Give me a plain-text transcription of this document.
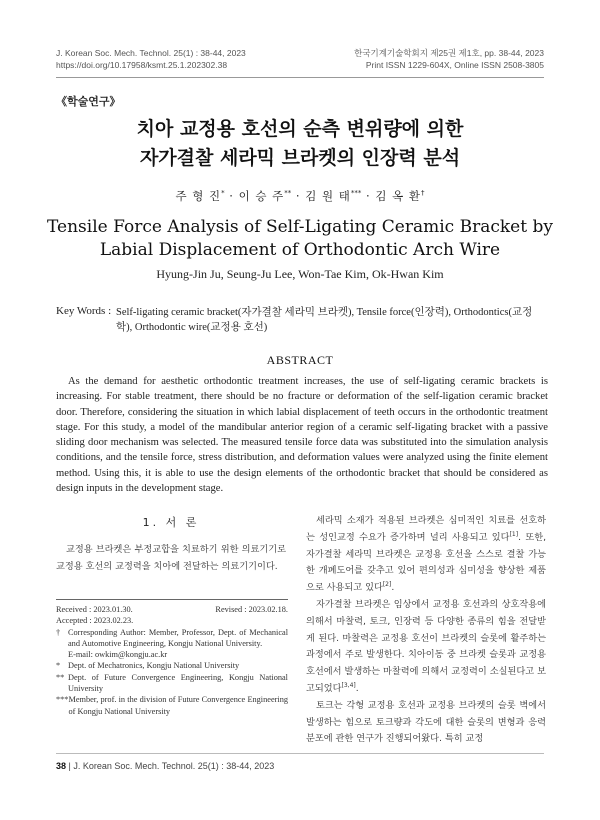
J. Korean Soc. Mech. Technol. 25(1) : 38-44, 2023
https://doi.org/10.17958/ksmt.25.1.202302.38
한국기계기술학회지 제25권 제1호, pp. 38-44, 2023
Print ISSN 1229-604X, Online ISSN 2508-3805
《학술연구》
치아 교정용 호선의 순측 변위량에 의한
자가결찰 세라믹 브라켓의 인장력 분석
주 형 진* · 이 승 주** · 김 원 태*** · 김 옥 환†
Tensile Force Analysis of Self-Ligating Ceramic Bracket by
Labial Displacement of Orthodontic Arch Wire
Hyung-Jin Ju, Seung-Ju Lee, Won-Tae Kim, Ok-Hwan Kim
Key Words : Self-ligating ceramic bracket(자가결찰 세라믹 브라켓), Tensile force(인장력), Orthodontics(교정학), Orthodontic wire(교정용 호선)
ABSTRACT
As the demand for aesthetic orthodontic treatment increases, the use of self-ligating ceramic brackets is increasing. For stable treatment, there should be no fracture or deformation of the self-ligation ceramic bracket door. Therefore, considering the situation in which labial displacement of teeth occurs in the orthodontic treatment stage. For this study, a model of the mandibular anterior region of a ceramic self-ligating bracket with a passive sliding door mechanism was selected. The measured tensile force data was substituted into the simulation analysis conditions, and the tensile force, stress distribution, and deformation values were analyzed using the finite element method. Using this, it is able to use the design elements of the orthodontic bracket that should be considered as design inputs in the development stage.
1. 서 론

교정용 브라켓은 부정교합을 치료하기 위한 의료기기로 교정용 호선의 교정력을 치아에 전달하는 의료기기이다.

Received : 2023.01.30.	Revised : 2023.02.18.
Accepted : 2023.02.23.
† Corresponding Author: Member, Professor, Dept. of Mechanical and Automotive Engineering, Kongju National University.
E-mail: owkim@kongju.ac.kr
* Dept. of Mechatronics, Kongju National University
** Dept. of Future Convergence Engineering, Kongju National University
*** Member, prof. in the division of Future Convergence Engineering of Kongju National University

세라믹 소재가 적용된 브라켓은 심미적인 치료를 선호하는 성인교정 수요가 증가하며 널리 사용되고 있다[1]. 또한, 자가결찰 세라믹 브라켓은 교정용 호선을 스스로 결찰 가능한 개폐도어를 갖추고 있어 편의성과 심미성을 향상한 제품으로 사용되고 있다[2].

자가결찰 브라켓은 임상에서 교정용 호선과의 상호작용에 의해서 마찰력, 토크, 인장력 등 다양한 종류의 힘을 전달받게 된다. 마찰력은 교정용 호선이 브라켓의 슬롯에 활주하는 과정에서 주로 발생한다. 치아이동 중 브라켓 슬롯과 교정용 호선에서 발생하는 마찰력에 의해서 교정력이 소실된다고 보고되었다[3,4].

토크는 각형 교정용 호선과 교정용 브라켓의 슬롯 벽에서 발생하는 힘으로 토크량과 각도에 대한 슬롯의 변형과 응력분포에 관한 연구가 진행되어왔다. 특히 교정

38 | J. Korean Soc. Mech. Technol. 25(1) : 38-44, 2023
